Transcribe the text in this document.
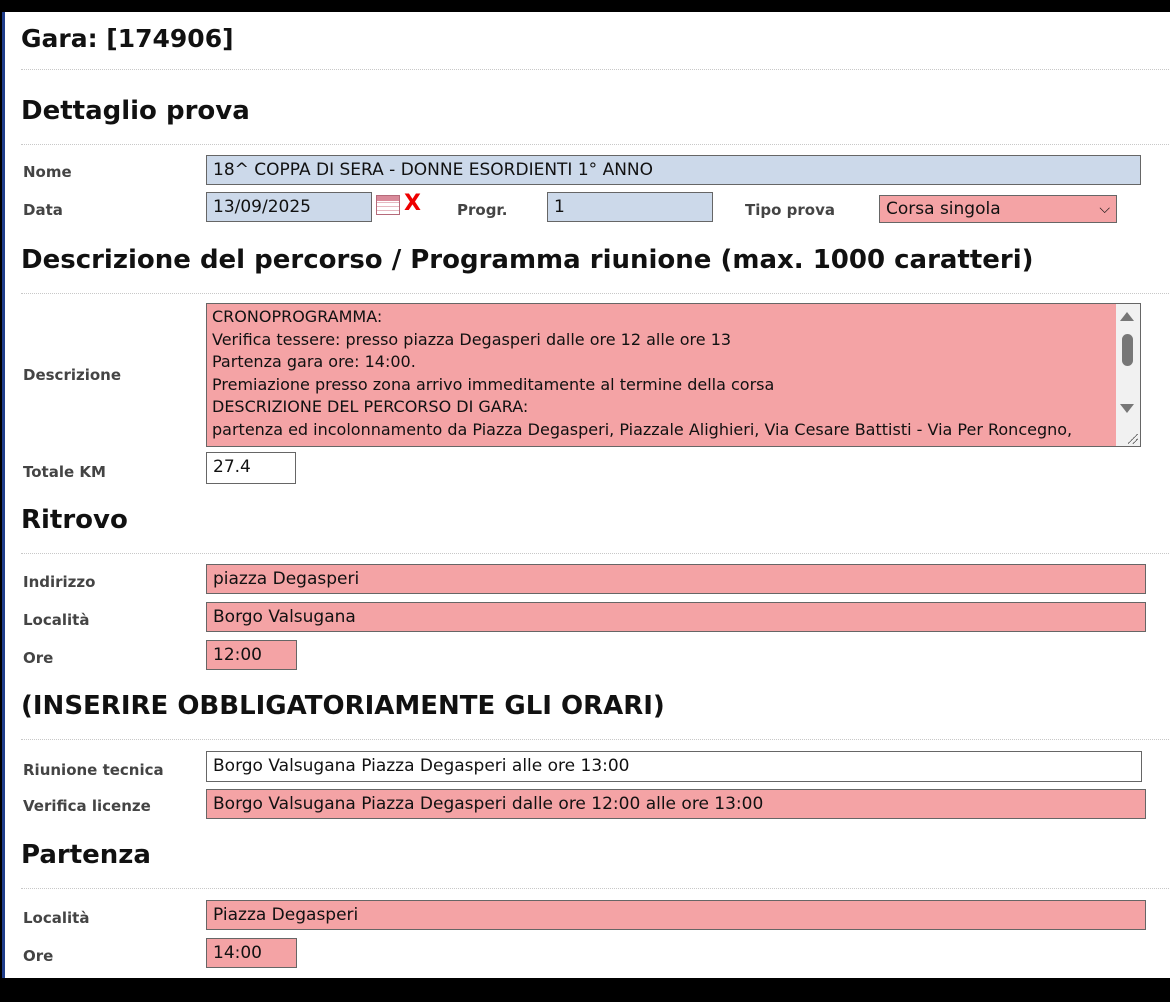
Gara: [174906]
Dettaglio prova
Nome	18^ COPPA DI SERA - DONNE ESORDIENTI 1° ANNO
Data	13/09/2025	X Progr.	1	Tipo prova	Corsa singola	⌵
Descrizione del percorso / Programma riunione (max. 1000 caratteri)
Descrizione
CRONOPROGRAMMA:
Verifica tessere: presso piazza Degasperi dalle ore 12 alle ore 13
Partenza gara ore: 14:00.
Premiazione presso zona arrivo immeditamente al termine della corsa
DESCRIZIONE DEL PERCORSO DI GARA:
partenza ed incolonnamento da Piazza Degasperi, Piazzale Alighieri, Via Cesare Battisti - Via Per Roncegno,
Totale KM	27.4
Ritrovo
Indirizzo	piazza Degasperi
Località	Borgo Valsugana
Ore	12:00
(INSERIRE OBBLIGATORIAMENTE GLI ORARI)
Riunione tecnica	Borgo Valsugana Piazza Degasperi alle ore 13:00
Verifica licenze	Borgo Valsugana Piazza Degasperi dalle ore 12:00 alle ore 13:00
Partenza
Località	Piazza Degasperi
Ore	14:00
